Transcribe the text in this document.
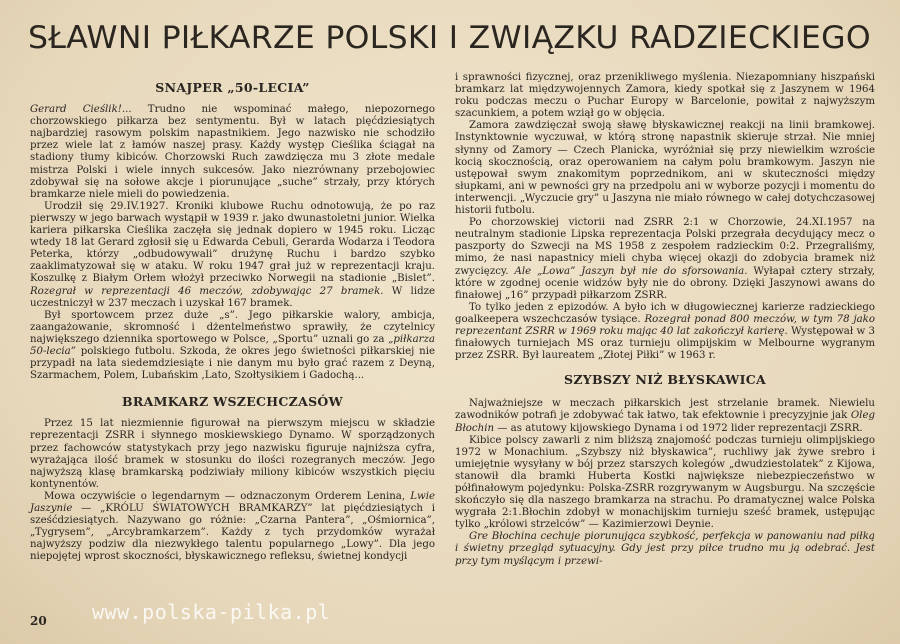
SŁAWNI PIŁKARZE POLSKI I ZWIĄZKU RADZIECKIEGO
SNAJPER „50-LECIA”

Gerard Cieślik!... Trudno nie wspominać małego, niepozornego chorzowskiego piłkarza bez sentymentu. Był w latach pięćdziesiątych najbardziej rasowym polskim napastnikiem. Jego nazwisko nie schodziło przez wiele lat z łamów naszej prasy. Każdy występ Cieślika ściągał na stadiony tłumy kibiców. Chorzowski Ruch zawdzięcza mu 3 złote medale mistrza Polski i wiele innych sukcesów. Jako niezrównany przebojowiec zdobywał się na sołowe akcje i piorunujące „suche” strzały, przy których bramkarze niele mieli do powiedzenia.

Urodził się 29.IV.1927. Kroniki klubowe Ruchu odnotowują, że po raz pierwszy w jego barwach wystąpił w 1939 r. jako dwunastoletni junior. Wielka kariera piłkarska Cieślika zaczęła się jednak dopiero w 1945 roku. Licząc wtedy 18 lat Gerard zgłosił się u Edwarda Cebuli, Gerarda Wodarza i Teodora Peterka, którzy „odbudowywali” drużynę Ruchu i bardzo szybko zaaklimatyzował się w ataku. W roku 1947 grał już w reprezentacji kraju. Koszulkę z Białym Orłem włożył przeciwko Norwegii na stadionie „Bislet”. Rozegrał w reprezentacji 46 meczów, zdobywając 27 bramek. W lidze uczestniczył w 237 meczach i uzyskał 167 bramek.

Był sportowcem przez duże „s”. Jego piłkarskie walory, ambicja, zaangażowanie, skromność i dżentelmeństwo sprawiły, że czytelnicy największego dziennika sportowego w Polsce, „Sportu” uznali go za „piłkarza 50-lecia” polskiego futbolu. Szkoda, że okres jego świetności piłkarskiej nie przypadł na lata siedemdziesiąte i nie danym mu było grać razem z Deyną, Szarmachem, Polem, Lubańskim ,Lato, Szołtysikiem i Gadochą...

BRAMKARZ WSZECHCZASÓW

Przez 15 lat niezmiennie figurował na pierwszym miejscu w składzie reprezentacji ZSRR i słynnego moskiewskiego Dynamo. W sporządzonych przez fachowców statystykach przy jego nazwisku figuruje najniższa cyfra, wyrażająca ilość bramek w stosunku do ilości rozegranych meczów. Jego najwyższą klasę bramkarską podziwiały miliony kibiców wszystkich pięciu kontynentów.

Mowa oczywiście o legendarnym — odznaczonym Orderem Lenina, Lwie Jaszynie — „KRÓLU ŚWIATOWYCH BRAMKARZY” lat pięćdziesiątych i sześćdziesiątych. Nazywano go różnie: „Czarna Pantera”, „Ośmiornica”, „Tygrysem”, „Arcybramkarzem”. Każdy z tych przydomków wyrażał najwyższy podziw dla niezwykłego talentu popularnego „Lowy”. Dla jego niepojętej wprost skoczności, błyskawicznego refleksu, świetnej kondycji

i sprawności fizycznej, oraz przenikliwego myślenia. Niezapomniany hiszpański bramkarz lat międzywojennych Zamora, kiedy spotkał się z Jaszynem w 1964 roku podczas meczu o Puchar Europy w Barcelonie, powitał z najwyższym szacunkiem, a potem wziął go w objęcia.

Zamora zawdzięczał swoją sławę błyskawicznej reakcji na linii bramkowej. Instynktownie wyczuwał, w którą stronę napastnik skieruje strzał. Nie mniej słynny od Zamory — Czech Planicka, wyróżniał się przy niewielkim wzroście kocią skocznością, oraz operowaniem na całym polu bramkowym. Jaszyn nie ustępował swym znakomitym poprzednikom, ani w skuteczności między słupkami, ani w pewności gry na przedpolu ani w wyborze pozycji i momentu do interwencji. „Wyczucie gry” u Jaszyna nie miało równego w całej dotychczasowej historii futbolu.

Po chorzowskiej victorii nad ZSRR 2:1 w Chorzowie, 24.XI.1957 na neutralnym stadionie Lipska reprezentacja Polski przegrała decydujący mecz o paszporty do Szwecji na MS 1958 z zespołem radzieckim 0:2. Przegraliśmy, mimo, że nasi napastnicy mieli chyba więcej okazji do zdobycia bramek niż zwycięzcy. Ale „Lowa” Jaszyn był nie do sforsowania. Wyłapał cztery strzały, które w zgodnej ocenie widzów były nie do obrony. Dzięki Jaszynowi awans do finałowej „16” przypadł piłkarzom ZSRR.

To tylko jeden z epizodów. A było ich w długowiecznej karierze radzieckiego goalkeepera wszechczasów tysiące. Rozegrał ponad 800 meczów, w tym 78 jako reprezentant ZSRR w 1969 roku mając 40 lat zakończył karierę. Występował w 3 finałowych turniejach MS oraz turnieju olimpijskim w Melbourne wygranym przez ZSRR. Był laureatem „Złotej Piłki” w 1963 r.

SZYBSZY NIŻ BŁYSKAWICA

Najważniejsze w meczach piłkarskich jest strzelanie bramek. Niewielu zawodników potrafi je zdobywać tak łatwo, tak efektownie i precyzyjnie jak Oleg Błochin — as atutowy kijowskiego Dynama i od 1972 lider reprezentacji ZSRR.

Kibice polscy zawarli z nim bliższą znajomość podczas turnieju olimpijskiego 1972 w Monachium. „Szybszy niż błyskawica”, ruchliwy jak żywe srebro i umiejętnie wysyłany w bój przez starszych kolegów „dwudziestolatek” z Kijowa, stanowił dla bramki Huberta Kostki największe niebezpieczeństwo w półfinałowym pojedynku: Polska-ZSRR rozgrywanym w Augsburgu. Na szczęście skończyło się dla naszego bramkarza na strachu. Po dramatycznej walce Polska wygrała 2:1.Błochin zdobył w monachijskim turnieju sześć bramek, ustępując tylko „królowi strzelców” — Kazimierzowi Deynie.

Gre Błochina cechuje piorunująca szybkość, perfekcja w panowaniu nad piłką i świetny przegląd sytuacyjny. Gdy jest przy piłce trudno mu ją odebrać. Jest przy tym myślącym i przewi-

20 www.polska-pilka.pl
